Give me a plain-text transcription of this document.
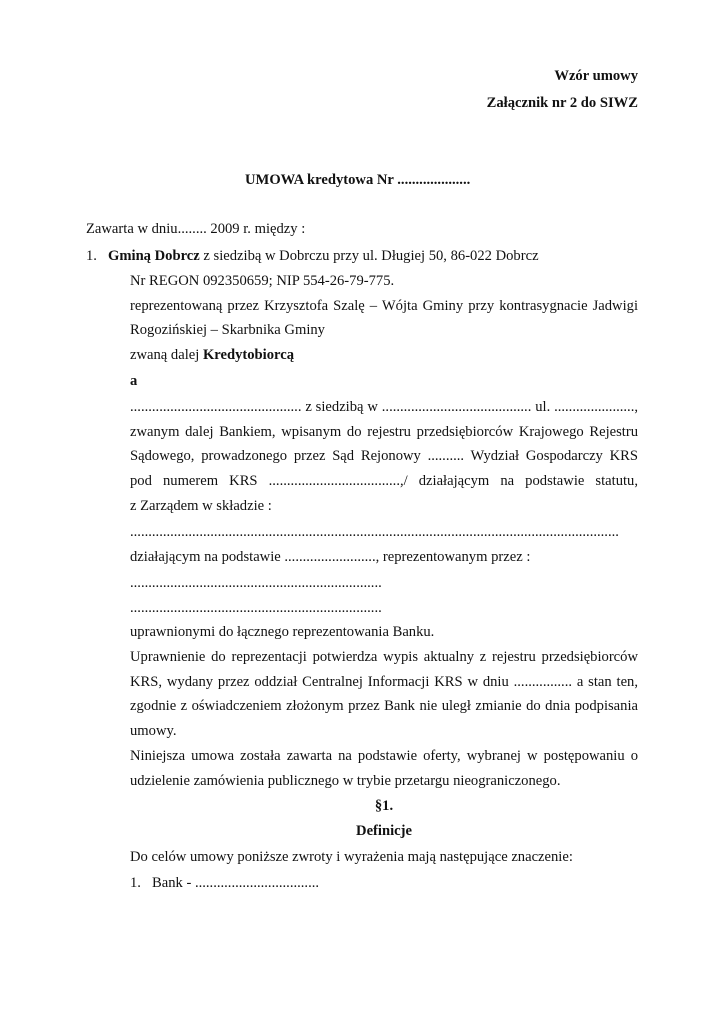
Wzór umowy
Załącznik nr 2 do SIWZ
UMOWA kredytowa Nr ....................
Zawarta w dniu........ 2009 r. między :
1. Gminą Dobrcz z siedzibą w Dobrczu przy ul. Długiej 50, 86-022 Dobrcz
Nr REGON 092350659; NIP 554-26-79-775.
reprezentowaną przez Krzysztofa Szalę – Wójta Gminy przy kontrasygnacie Jadwigi
Rogozińskiej – Skarbnika Gminy
zwaną dalej Kredytobiorcą
a
............................................... z siedzibą w ......................................... ul. ......................,
zwanym dalej Bankiem, wpisanym do rejestru przedsiębiorców Krajowego Rejestru
Sądowego, prowadzonego przez Sąd Rejonowy .......... Wydział Gospodarczy KRS
pod numerem KRS ....................................,/ działającym na podstawie statutu,
z Zarządem w składzie :
......................................................................................................................................
działającym na podstawie ........................., reprezentowanym przez :
.....................................................................
.....................................................................
uprawnionymi do łącznego reprezentowania Banku.
Uprawnienie do reprezentacji potwierdza wypis aktualny z rejestru przedsiębiorców
KRS, wydany przez oddział Centralnej Informacji KRS w dniu ................ a stan ten,
zgodnie z oświadczeniem złożonym przez Bank nie uległ zmianie do dnia podpisania
umowy.
Niniejsza umowa została zawarta na podstawie oferty, wybranej w postępowaniu o
udzielenie zamówienia publicznego w trybie przetargu nieograniczonego.
§1.
Definicje
Do celów umowy poniższe zwroty i wyrażenia mają następujące znaczenie:
1. Bank - ..................................
